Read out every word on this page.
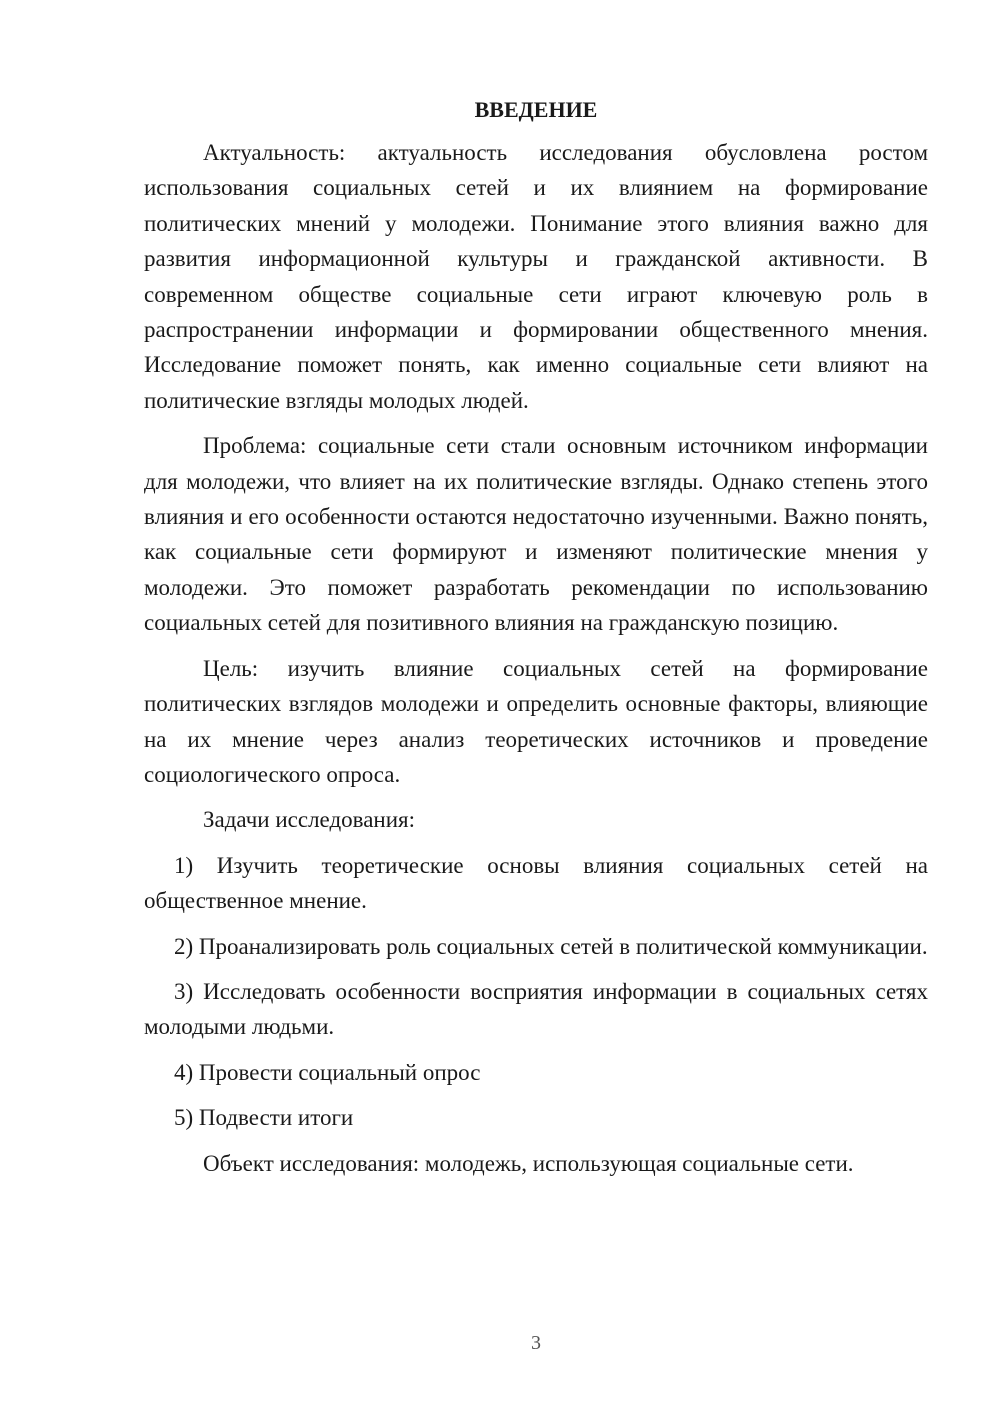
ВВЕДЕНИЕ

Актуальность: актуальность исследования обусловлена ростом использования социальных сетей и их влиянием на формирование политических мнений у молодежи. Понимание этого влияния важно для развития информационной культуры и гражданской активности. В современном обществе социальные сети играют ключевую роль в распространении информации и формировании общественного мнения. Исследование поможет понять, как именно социальные сети влияют на политические взгляды молодых людей.

Проблема: социальные сети стали основным источником информации для молодежи, что влияет на их политические взгляды. Однако степень этого влияния и его особенности остаются недостаточно изученными. Важно понять, как социальные сети формируют и изменяют политические мнения у молодежи. Это поможет разработать рекомендации по использованию социальных сетей для позитивного влияния на гражданскую позицию.

Цель: изучить влияние социальных сетей на формирование политических взглядов молодежи и определить основные факторы, влияющие на их мнение через анализ теоретических источников и проведение социологического опроса.

Задачи исследования:

1) Изучить теоретические основы влияния социальных сетей на общественное мнение.

2) Проанализировать роль социальных сетей в политической коммуникации.

3) Исследовать особенности восприятия информации в социальных сетях молодыми людьми.

4) Провести социальный опрос

5) Подвести итоги

Объект исследования: молодежь, использующая социальные сети.

3
